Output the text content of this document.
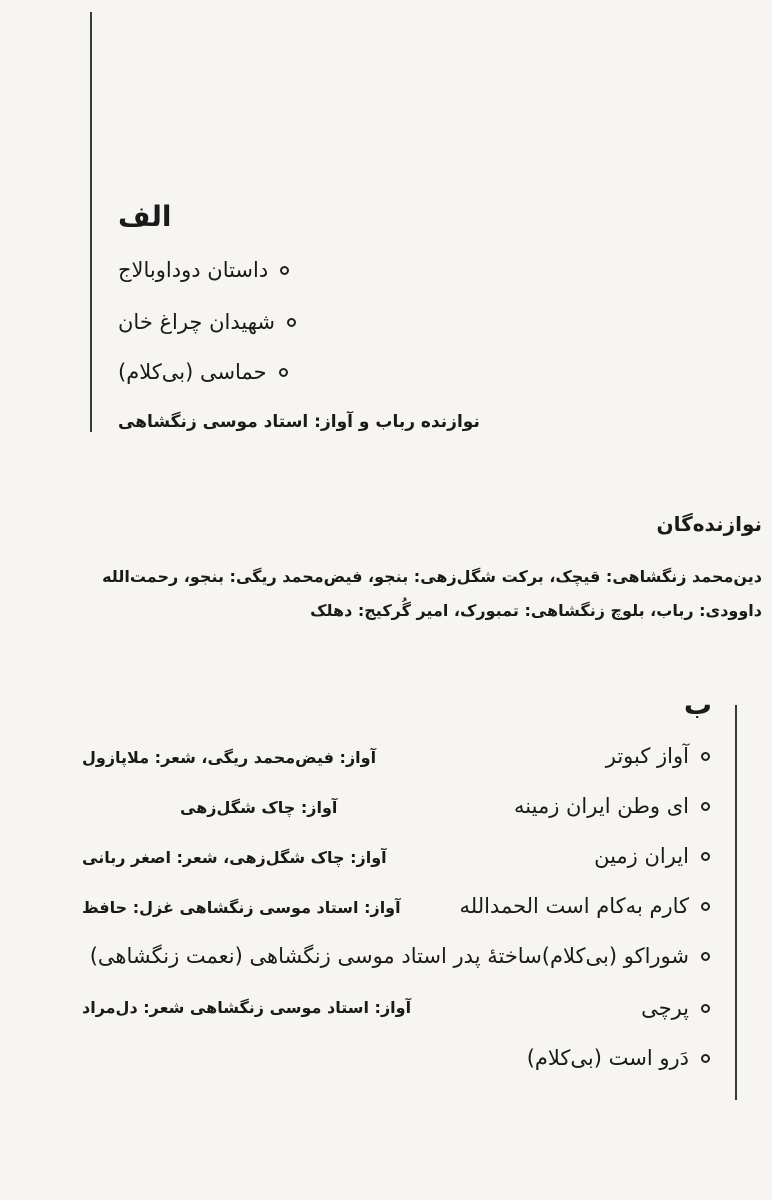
الف
داستان دوداوبالاج
شهیدان چراغ خان
حماسی (بی‌کلام)
نوازنده رباب و آواز: استاد موسی زنگشاهی
نوازنده‌گان
دین‌محمد زنگشاهی: قیچک، برکت شگل‌زهی: بنجو، فیض‌محمد ریگی: بنجو، رحمت‌الله
داوودی: رباب، بلوچ زنگشاهی: تمبورک، امیر گُرکیج: دهلک
ب
آواز کبوتر
آواز: فیض‌محمد ریگی، شعر: ملاپازول
ای وطن ایران زمینه
آواز: چاک شگل‌زهی
ایران زمین
آواز: چاک شگل‌زهی، شعر: اصغر ربانی
کارم به‌کام است الحمدالله
آواز: استاد موسی زنگشاهی غزل: حافظ
شوراکو (بی‌کلام)ساختۀ پدر استاد موسی زنگشاهی (نعمت زنگشاهی)
پرچی
آواز: استاد موسی زنگشاهی شعر: دل‌مراد
دَرو است (بی‌کلام)
